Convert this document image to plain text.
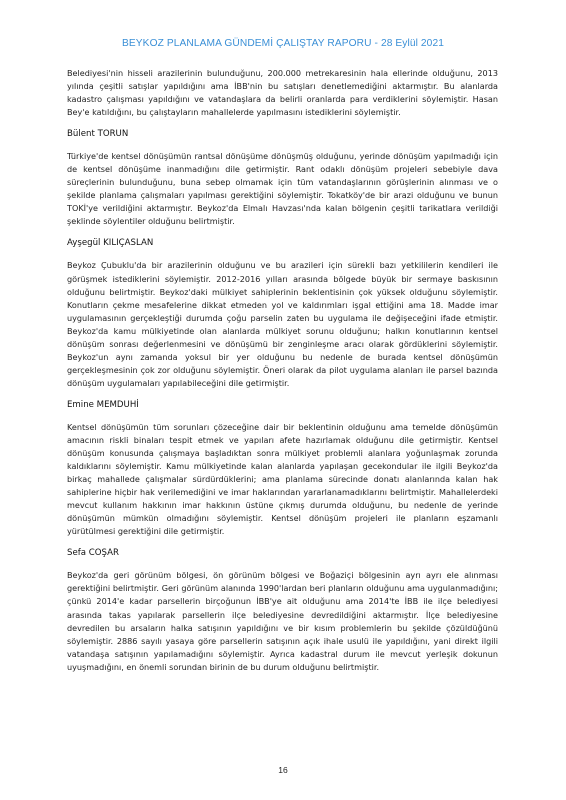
BEYKOZ PLANLAMA GÜNDEMİ ÇALIŞTAY RAPORU - 28 Eylül 2021

Belediyesi'nin hisseli arazilerinin bulunduğunu, 200.000 metrekaresinin hala ellerinde olduğunu, 2013 yılında çeşitli satışlar yapıldığını ama İBB'nin bu satışları denetlemediğini aktarmıştır. Bu alanlarda kadastro çalışması yapıldığını ve vatandaşlara da belirli oranlarda para verdiklerini söylemiştir. Hasan Bey'e katıldığını, bu çalıştayların mahallelerde yapılmasını istediklerini söylemiştir.

Bülent TORUN

Türkiye'de kentsel dönüşümün rantsal dönüşüme dönüşmüş olduğunu, yerinde dönüşüm yapılmadığı için de kentsel dönüşüme inanmadığını dile getirmiştir. Rant odaklı dönüşüm projeleri sebebiyle dava süreçlerinin bulunduğunu, buna sebep olmamak için tüm vatandaşlarının görüşlerinin alınması ve o şekilde planlama çalışmaları yapılması gerektiğini söylemiştir. Tokatköy'de bir arazi olduğunu ve bunun TOKİ'ye verildiğini aktarmıştır. Beykoz'da Elmalı Havzası'nda kalan bölgenin çeşitli tarikatlara verildiği şeklinde söylentiler olduğunu belirtmiştir.

Ayşegül KILIÇASLAN

Beykoz Çubuklu'da bir arazilerinin olduğunu ve bu arazileri için sürekli bazı yetkililerin kendileri ile görüşmek istediklerini söylemiştir. 2012-2016 yılları arasında bölgede büyük bir sermaye baskısının olduğunu belirtmiştir. Beykoz'daki mülkiyet sahiplerinin beklentisinin çok yüksek olduğunu söylemiştir. Konutların çekme mesafelerine dikkat etmeden yol ve kaldırımları işgal ettiğini ama 18. Madde imar uygulamasının gerçekleştiği durumda çoğu parselin zaten bu uygulama ile değişeceğini ifade etmiştir. Beykoz'da kamu mülkiyetinde olan alanlarda mülkiyet sorunu olduğunu; halkın konutlarının kentsel dönüşüm sonrası değerlenmesini ve dönüşümü bir zenginleşme aracı olarak gördüklerini söylemiştir. Beykoz'un aynı zamanda yoksul bir yer olduğunu bu nedenle de burada kentsel dönüşümün gerçekleşmesinin çok zor olduğunu söylemiştir. Öneri olarak da pilot uygulama alanları ile parsel bazında dönüşüm uygulamaları yapılabileceğini dile getirmiştir.

Emine MEMDUHİ

Kentsel dönüşümün tüm sorunları çözeceğine dair bir beklentinin olduğunu ama temelde dönüşümün amacının riskli binaları tespit etmek ve yapıları afete hazırlamak olduğunu dile getirmiştir. Kentsel dönüşüm konusunda çalışmaya başladıktan sonra mülkiyet problemli alanlara yoğunlaşmak zorunda kaldıklarını söylemiştir. Kamu mülkiyetinde kalan alanlarda yapılaşan gecekondular ile ilgili Beykoz'da birkaç mahallede çalışmalar sürdürdüklerini; ama planlama sürecinde donatı alanlarında kalan hak sahiplerine hiçbir hak verilemediğini ve imar haklarından yararlanamadıklarını belirtmiştir. Mahallelerdeki mevcut kullanım hakkının imar hakkının üstüne çıkmış durumda olduğunu, bu nedenle de yerinde dönüşümün mümkün olmadığını söylemiştir. Kentsel dönüşüm projeleri ile planların eşzamanlı yürütülmesi gerektiğini dile getirmiştir.

Sefa COŞAR

Beykoz'da geri görünüm bölgesi, ön görünüm bölgesi ve Boğaziçi bölgesinin ayrı ayrı ele alınması gerektiğini belirtmiştir. Geri görünüm alanında 1990'lardan beri planların olduğunu ama uygulanmadığını; çünkü 2014'e kadar parsellerin birçoğunun İBB'ye ait olduğunu ama 2014'te İBB ile ilçe belediyesi arasında takas yapılarak parsellerin ilçe belediyesine devredildiğini aktarmıştır. İlçe belediyesine devredilen bu arsaların halka satışının yapıldığını ve bir kısım problemlerin bu şekilde çözüldüğünü söylemiştir. 2886 sayılı yasaya göre parsellerin satışının açık ihale usulü ile yapıldığını, yani direkt ilgili vatandaşa satışının yapılamadığını söylemiştir. Ayrıca kadastral durum ile mevcut yerleşik dokunun uyuşmadığını, en önemli sorundan birinin de bu durum olduğunu belirtmiştir.

16
